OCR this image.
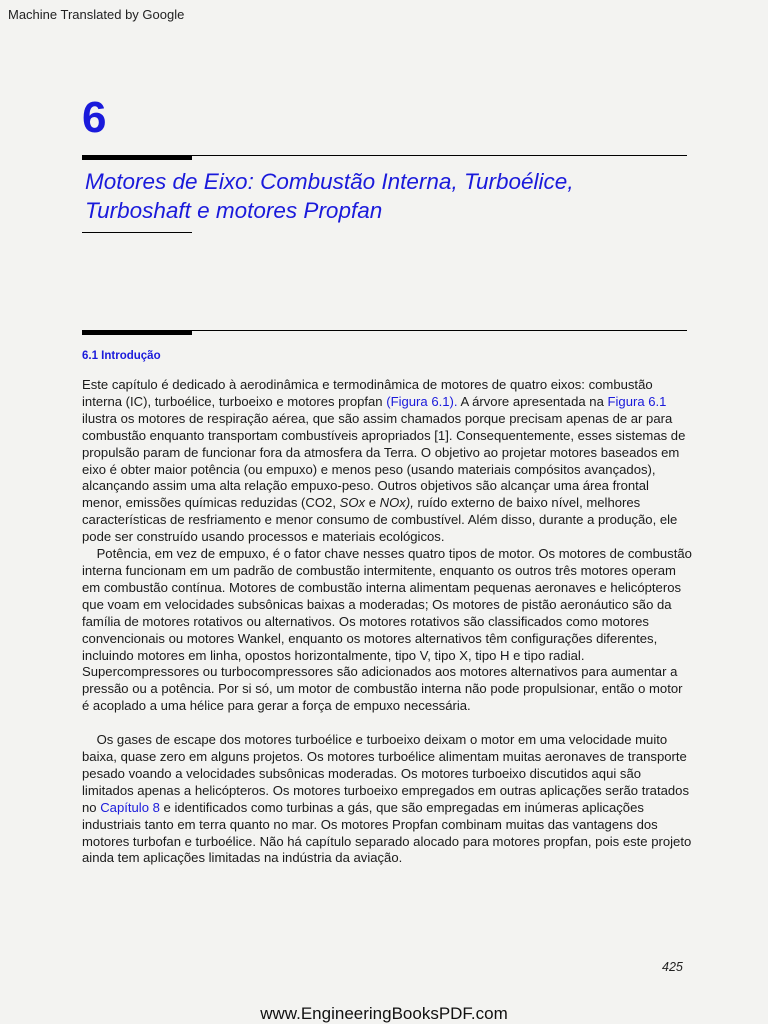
Machine Translated by Google
6
Motores de Eixo: Combustão Interna, Turboélice,
Turboshaft e motores Propfan
6.1 Introdução

Este capítulo é dedicado à aerodinâmica e termodinâmica de motores de quatro eixos: combustão interna (IC), turboélice, turboeixo e motores propfan (Figura 6.1). A árvore apresentada na Figura 6.1 ilustra os motores de respiração aérea, que são assim chamados porque precisam apenas de ar para combustão enquanto transportam combustíveis apropriados [1]. Consequentemente, esses sistemas de propulsão param de funcionar fora da atmosfera da Terra. O objetivo ao projetar motores baseados em eixo é obter maior potência (ou empuxo) e menos peso (usando materiais compósitos avançados), alcançando assim uma alta relação empuxo-peso. Outros objetivos são alcançar uma área frontal menor, emissões químicas reduzidas (CO2, SOx e NOx), ruído externo de baixo nível, melhores características de resfriamento e menor consumo de combustível. Além disso, durante a produção, ele pode ser construído usando processos e materiais ecológicos.

Potência, em vez de empuxo, é o fator chave nesses quatro tipos de motor. Os motores de combustão interna funcionam em um padrão de combustão intermitente, enquanto os outros três motores operam em combustão contínua. Motores de combustão interna alimentam pequenas aeronaves e helicópteros que voam em velocidades subsônicas baixas a moderadas; Os motores de pistão aeronáutico são da família de motores rotativos ou alternativos. Os motores rotativos são classificados como motores convencionais ou motores Wankel, enquanto os motores alternativos têm configurações diferentes, incluindo motores em linha, opostos horizontalmente, tipo V, tipo X, tipo H e tipo radial. Supercompressores ou turbocompressores são adicionados aos motores alternativos para aumentar a pressão ou a potência. Por si só, um motor de combustão interna não pode propulsionar, então o motor é acoplado a uma hélice para gerar a força de empuxo necessária.

Os gases de escape dos motores turboélice e turboeixo deixam o motor em uma velocidade muito baixa, quase zero em alguns projetos. Os motores turboélice alimentam muitas aeronaves de transporte pesado voando a velocidades subsônicas moderadas. Os motores turboeixo discutidos aqui são limitados apenas a helicópteros. Os motores turboeixo empregados em outras aplicações serão tratados no Capítulo 8 e identificados como turbinas a gás, que são empregadas em inúmeras aplicações industriais tanto em terra quanto no mar. Os motores Propfan combinam muitas das vantagens dos motores turbofan e turboélice. Não há capítulo separado alocado para motores propfan, pois este projeto ainda tem aplicações limitadas na indústria da aviação.

425
www.EngineeringBooksPDF.com
